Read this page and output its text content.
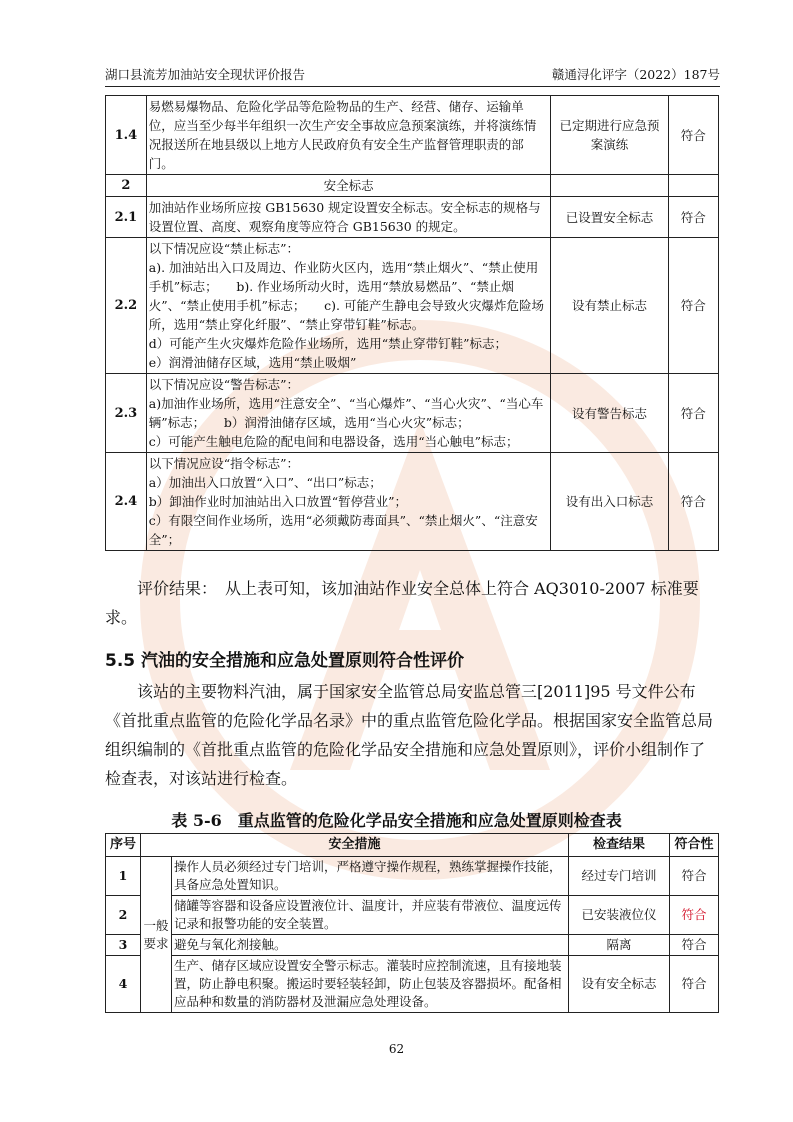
湖口县流芳加油站安全现状评价报告	赣通浔化评字（2022）187号
1.4	易燃易爆物品、危险化学品等危险物品的生产、经营、储存、运输单位，应当至少每半年组织一次生产安全事故应急预案演练，并将演练情况报送所在地县级以上地方人民政府负有安全生产监督管理职责的部门。	已定期进行应急预案演练	符合
2	安全标志		
2.1	加油站作业场所应按 GB15630 规定设置安全标志。安全标志的规格与设置位置、高度、观察角度等应符合 GB15630 的规定。	已设置安全标志	符合
2.2	以下情况应设“禁止标志”：
a). 加油站出入口及周边、作业防火区内，选用“禁止烟火”、“禁止使用手机”标志；　　b). 作业场所动火时，选用“禁放易燃品”、“禁止烟火”、“禁止使用手机”标志；　　c). 可能产生静电会导致火灾爆炸危险场所，选用“禁止穿化纤服”、“禁止穿带钉鞋”标志。
d）可能产生火灾爆炸危险作业场所，选用“禁止穿带钉鞋”标志；
e）润滑油储存区域，选用“禁止吸烟”	设有禁止标志	符合
2.3	以下情况应设“警告标志”：
a)加油作业场所，选用“注意安全”、“当心爆炸”、“当心火灾”、“当心车辆”标志；　　b）润滑油储存区域，选用“当心火灾”标志；
c）可能产生触电危险的配电间和电器设备，选用“当心触电”标志；	设有警告标志	符合
2.4	以下情况应设“指令标志”：
a）加油出入口放置“入口”、“出口”标志；
b）卸油作业时加油站出入口放置“暂停营业”；
c）有限空间作业场所，选用“必须戴防毒面具”、“禁止烟火”、“注意安全”；	设有出入口标志	符合

评价结果：　从上表可知，该加油站作业安全总体上符合 AQ3010-2007 标准要求。

5.5 汽油的安全措施和应急处置原则符合性评价

该站的主要物料汽油，属于国家安全监管总局安监总管三[2011]95 号文件公布《首批重点监管的危险化学品名录》中的重点监管危险化学品。根据国家安全监管总局组织编制的《首批重点监管的危险化学品安全措施和应急处置原则》，评价小组制作了检查表，对该站进行检查。

表 5-6　重点监管的危险化学品安全措施和应急处置原则检查表
序号	安全措施		检查结果	符合性
1	一般要求	操作人员必须经过专门培训，严格遵守操作规程，熟练掌握操作技能，具备应急处置知识。	经过专门培训	符合
2		储罐等容器和设备应设置液位计、温度计，并应装有带液位、温度远传记录和报警功能的安全装置。	已安装液位仪	符合
3		避免与氧化剂接触。	隔离	符合
4		生产、储存区域应设置安全警示标志。灌装时应控制流速，且有接地装置，防止静电积聚。搬运时要轻装轻卸，防止包装及容器损坏。配备相应品种和数量的消防器材及泄漏应急处理设备。	设有安全标志	符合
62
